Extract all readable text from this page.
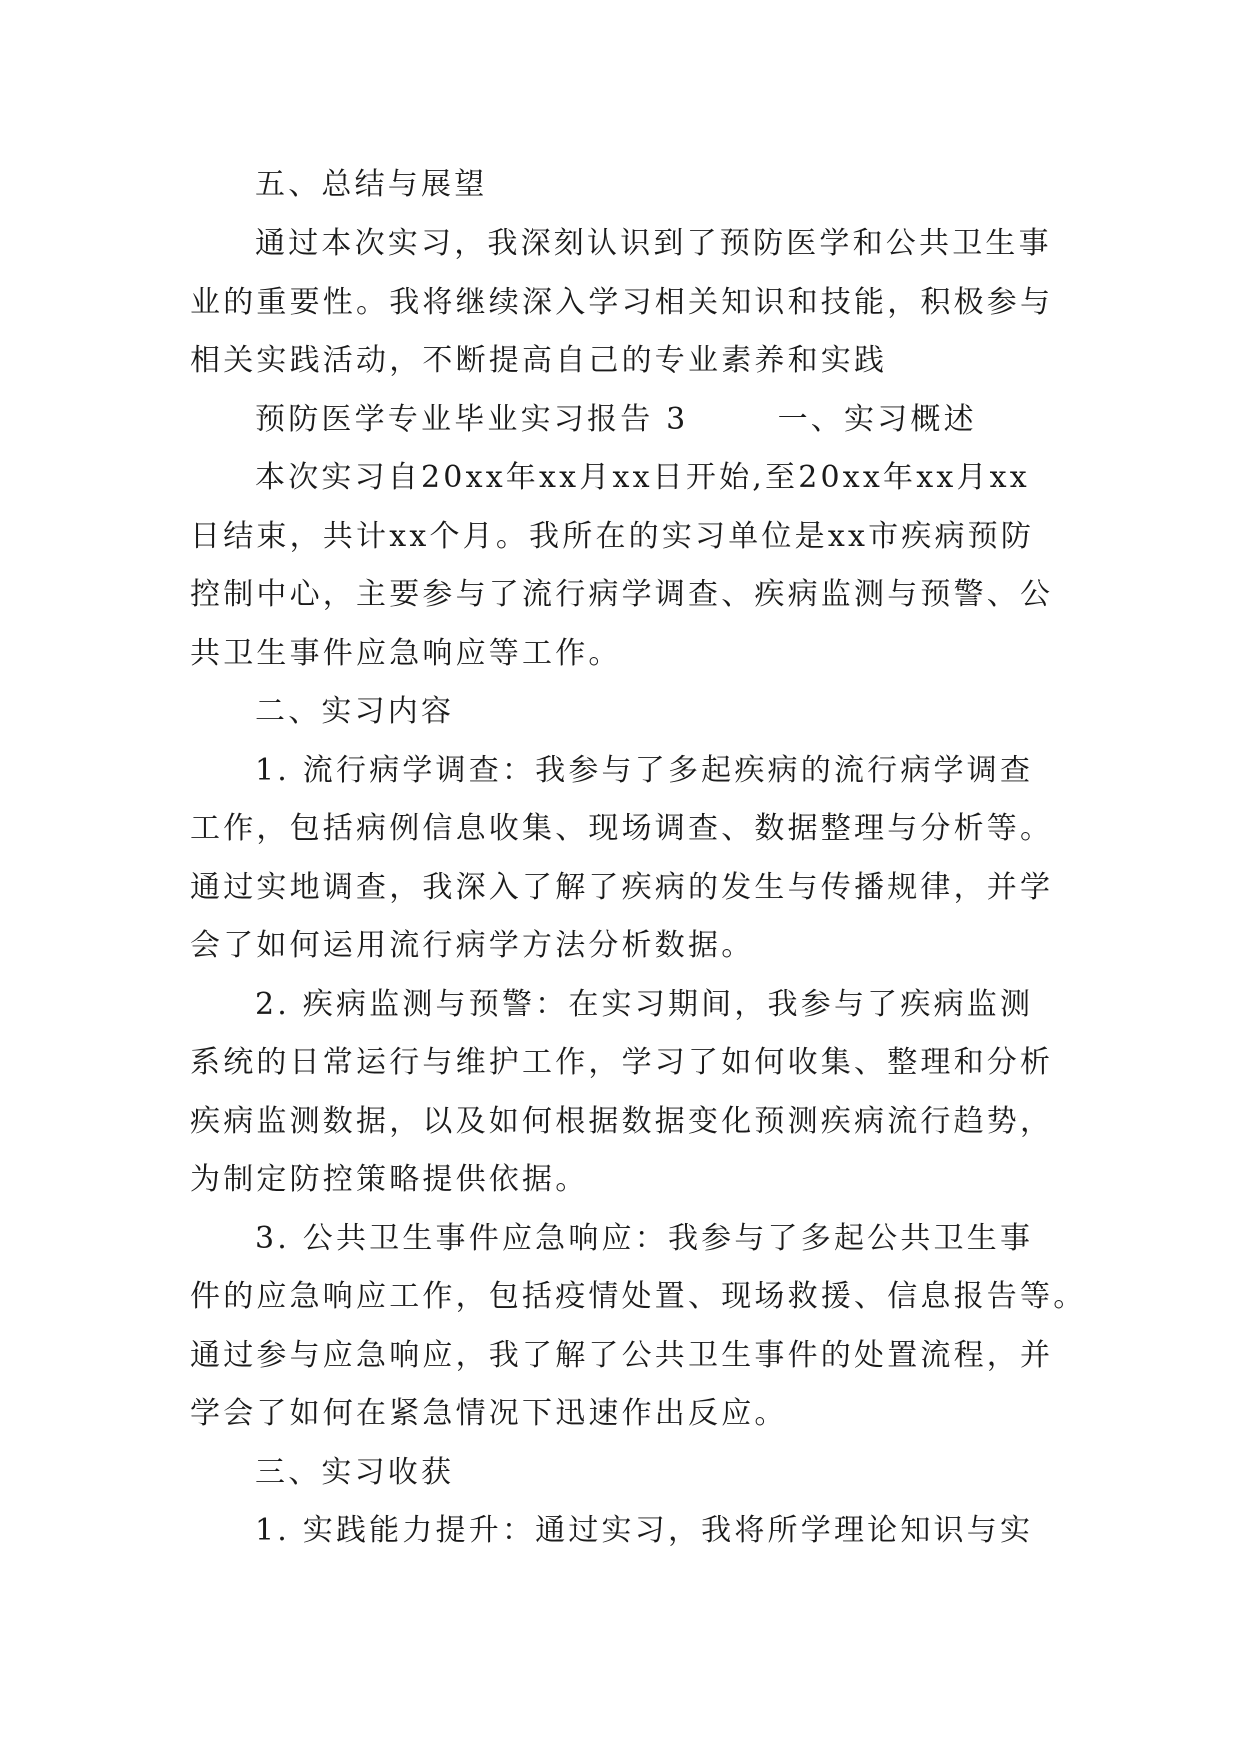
五、总结与展望
通过本次实习，我深刻认识到了预防医学和公共卫生事
业的重要性。我将继续深入学习相关知识和技能，积极参与
相关实践活动，不断提高自己的专业素养和实践
预防医学专业毕业实习报告 3       一、实习概述
本次实习自20xx年xx月xx日开始,至20xx年xx月xx
日结束，共计xx个月。我所在的实习单位是xx市疾病预防
控制中心，主要参与了流行病学调查、疾病监测与预警、公
共卫生事件应急响应等工作。
二、实习内容
1. 流行病学调查：我参与了多起疾病的流行病学调查
工作，包括病例信息收集、现场调查、数据整理与分析等。
通过实地调查，我深入了解了疾病的发生与传播规律，并学
会了如何运用流行病学方法分析数据。
2. 疾病监测与预警：在实习期间，我参与了疾病监测
系统的日常运行与维护工作，学习了如何收集、整理和分析
疾病监测数据，以及如何根据数据变化预测疾病流行趋势，
为制定防控策略提供依据。
3. 公共卫生事件应急响应：我参与了多起公共卫生事
件的应急响应工作，包括疫情处置、现场救援、信息报告等。
通过参与应急响应，我了解了公共卫生事件的处置流程，并
学会了如何在紧急情况下迅速作出反应。
三、实习收获
1. 实践能力提升：通过实习，我将所学理论知识与实
